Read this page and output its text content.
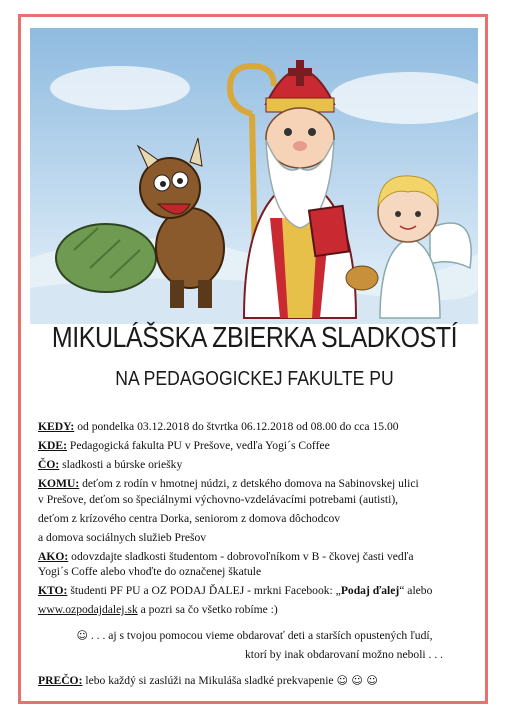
MIKULÁŠSKA ZBIERKA SLADKOSTÍ
NA PEDAGOGICKEJ FAKULTE PU
KEDY: od pondelka 03.12.2018 do štvrtka 06.12.2018 od 08.00 do cca 15.00
KDE: Pedagogická fakulta PU v Prešove, vedľa Yogi´s Coffee
ČO: sladkosti a búrske oriešky
KOMU: deťom z rodín v hmotnej núdzi, z detského domova na Sabinovskej ulici
v Prešove, deťom so špeciálnymi výchovno-vzdelávacími potrebami (autisti),
deťom z krízového centra Dorka, seniorom z domova dôchodcov
a domova sociálnych služieb Prešov
AKO: odovzdajte sladkosti študentom - dobrovoľníkom v B - čkovej časti vedľa
Yogi´s Coffe alebo vhoďte do označenej škatule
KTO: študenti PF PU a OZ PODAJ ĎALEJ - mrkni Facebook: „Podaj ďalej“ alebo
www.ozpodajdalej.sk a pozri sa čo všetko robíme :)
☺ . . . aj s tvojou pomocou vieme obdarovať deti a starších opustených ľudí,
ktorí by inak obdarovaní možno neboli . . .
PREČO: lebo každý si zaslúži na Mikuláša sladké prekvapenie ☺ ☺ ☺
